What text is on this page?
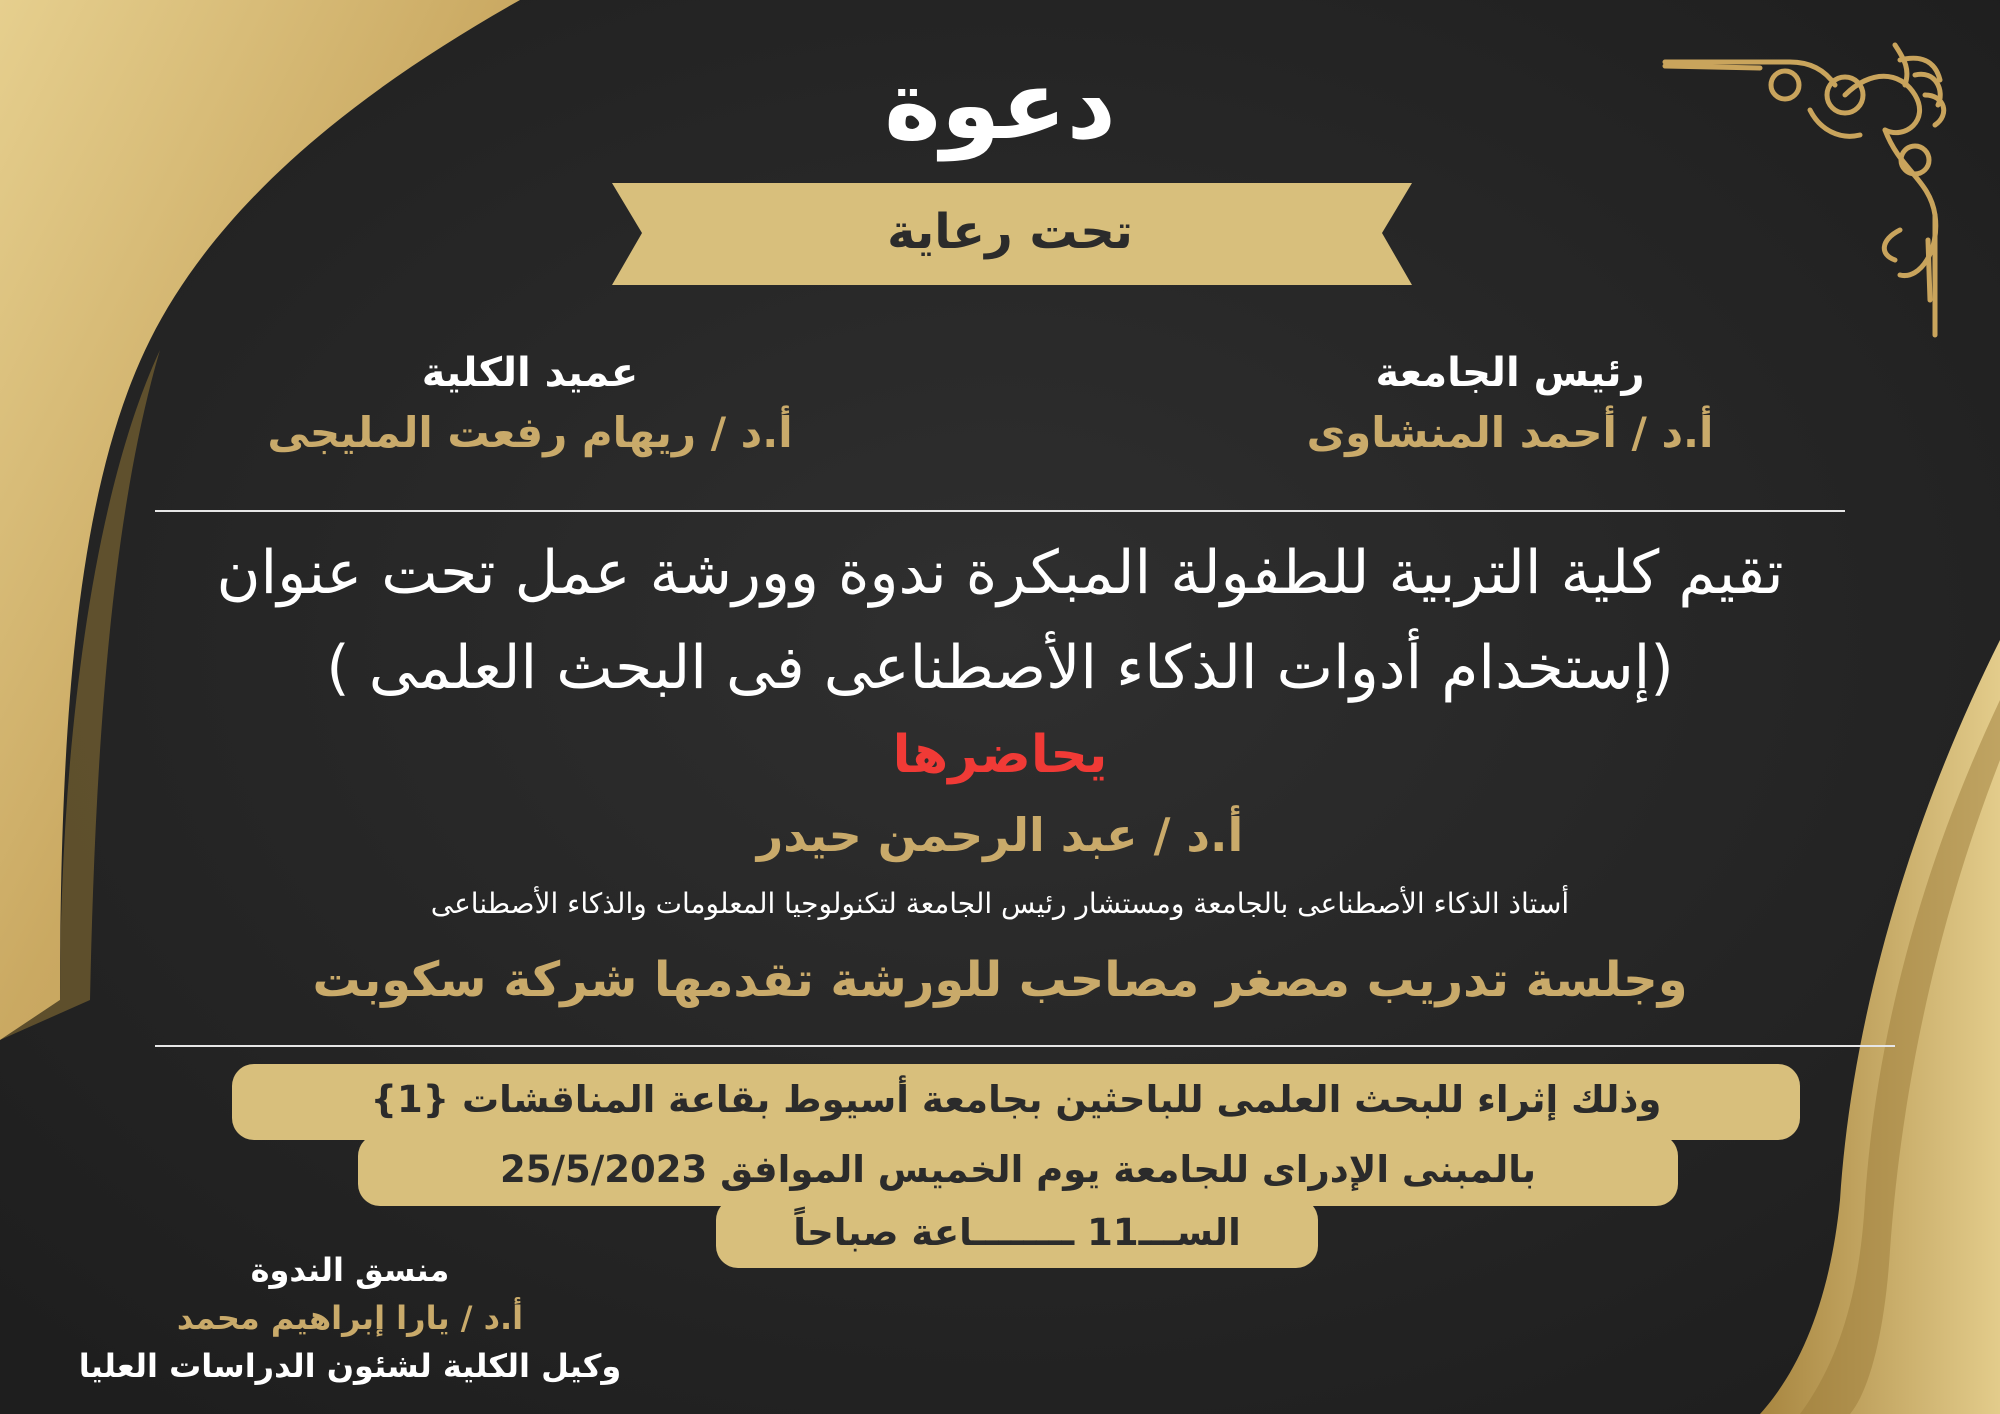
دعوة
تحت رعاية
رئيس الجامعة
أ.د / أحمد المنشاوى
عميد الكلية
أ.د / ريهام رفعت المليجى
تقيم كلية التربية للطفولة المبكرة ندوة وورشة عمل تحت عنوان
(إستخدام أدوات الذكاء الأصطناعى فى البحث العلمى )
يحاضرها
أ.د / عبد الرحمن حيدر
أستاذ الذكاء الأصطناعى بالجامعة ومستشار رئيس الجامعة لتكنولوجيا المعلومات والذكاء الأصطناعى
وجلسة تدريب مصغر مصاحب للورشة تقدمها شركة سكوبت
وذلك إثراء للبحث العلمى للباحثين بجامعة أسيوط بقاعة المناقشات {1}
بالمبنى الإدراى للجامعة يوم الخميس الموافق 25/5/2023
الســـ11 ــــــــاعة صباحاً
منسق الندوة
أ.د / يارا إبراهيم محمد
وكيل الكلية لشئون الدراسات العليا
